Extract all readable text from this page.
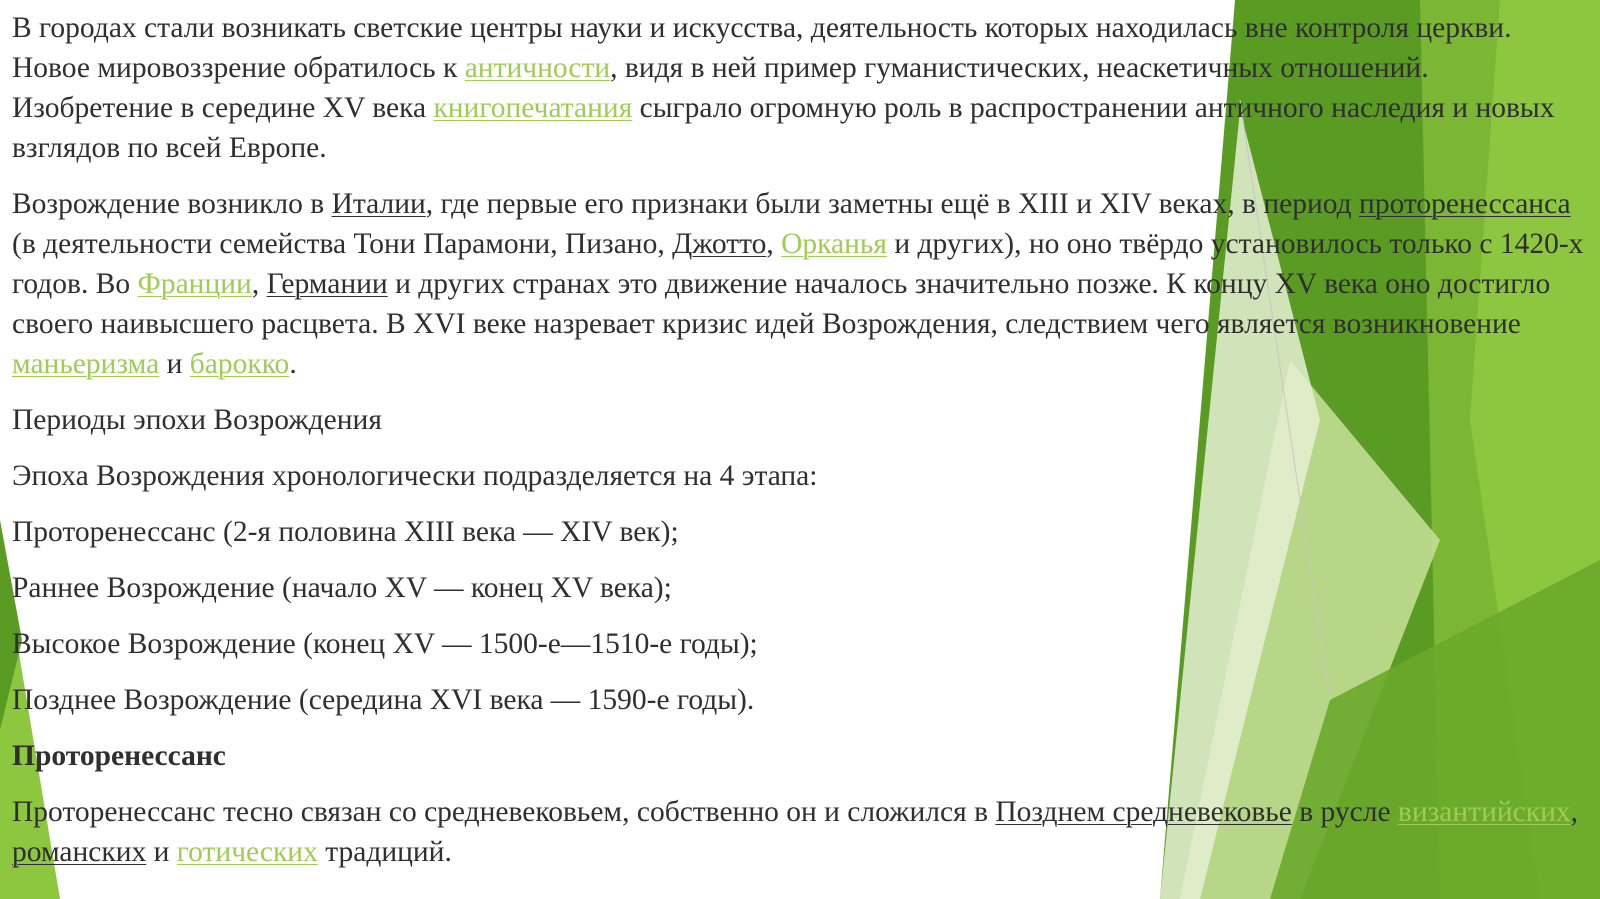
В городах стали возникать светские центры науки и искусства, деятельность которых находилась вне контроля церкви. Новое мировоззрение обратилось к античности, видя в ней пример гуманистических, неаскетичных отношений. Изобретение в середине XV века книгопечатания сыграло огромную роль в распространении античного наследия и новых взглядов по всей Европе.

Возрождение возникло в Италии, где первые его признаки были заметны ещё в XIII и XIV веках, в период проторенессанса (в деятельности семейства Тони Парамони, Пизано, Джотто, Орканья и других), но оно твёрдо установилось только с 1420-х годов. Во Франции, Германии и других странах это движение началось значительно позже. К концу XV века оно достигло своего наивысшего расцвета. В XVI веке назревает кризис идей Возрождения, следствием чего является возникновение маньеризма и барокко.

Периоды эпохи Возрождения

Эпоха Возрождения хронологически подразделяется на 4 этапа:

Проторенессанс (2-я половина XIII века — XIV век);

Раннее Возрождение (начало XV — конец XV века);

Высокое Возрождение (конец XV — 1500-е—1510-е годы);

Позднее Возрождение (середина XVI века — 1590-е годы).

Проторенессанс

Проторенессанс тесно связан со средневековьем, собственно он и сложился в Позднем средневековье в русле византийских, романских и готических традиций.
